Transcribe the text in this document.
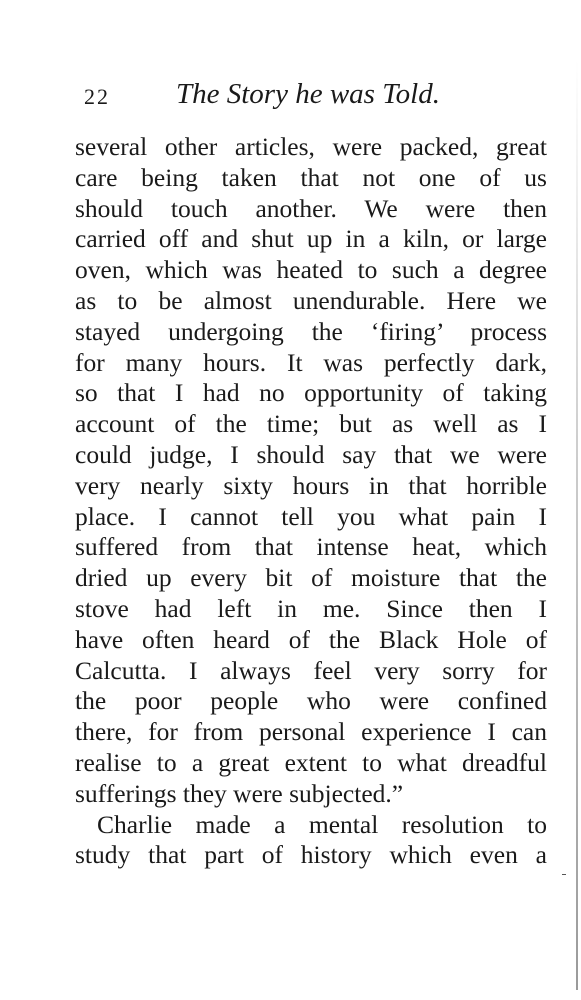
22 The Story he was Told.
several other articles, were packed, great
care being taken that not one of us
should touch another. We were then
carried off and shut up in a kiln, or large
oven, which was heated to such a degree
as to be almost unendurable. Here we
stayed undergoing the ‘firing’ process
for many hours. It was perfectly dark,
so that I had no opportunity of taking
account of the time; but as well as I
could judge, I should say that we were
very nearly sixty hours in that horrible
place. I cannot tell you what pain I
suffered from that intense heat, which
dried up every bit of moisture that the
stove had left in me. Since then I
have often heard of the Black Hole of
Calcutta. I always feel very sorry for
the poor people who were confined
there, for from personal experience I can
realise to a great extent to what dreadful
sufferings they were subjected.”
Charlie made a mental resolution to
study that part of history which even a
